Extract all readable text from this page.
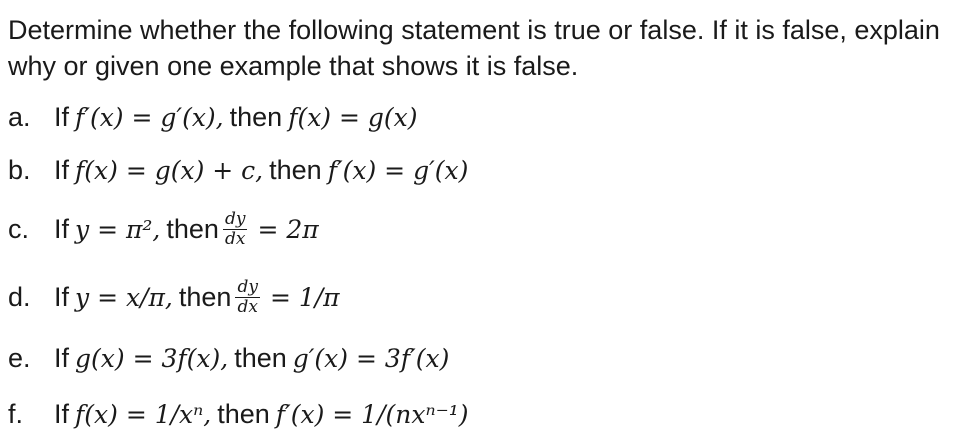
Determine whether the following statement is true or false. If it is false, explain why or given one example that shows it is false.
a. If f′(x) = g′(x), then f(x) = g(x)
b. If f(x) = g(x) + c, then f′(x) = g′(x)
c. If y = π², then $\frac{dy}{dx} = 2\pi$
d. If y = x/π, then $\frac{dy}{dx} = 1/\pi$
e. If g(x) = 3f(x), then g′(x) = 3f′(x)
f.	If f(x) = 1/xⁿ, then f′(x) = 1/(nxⁿ⁻¹)
